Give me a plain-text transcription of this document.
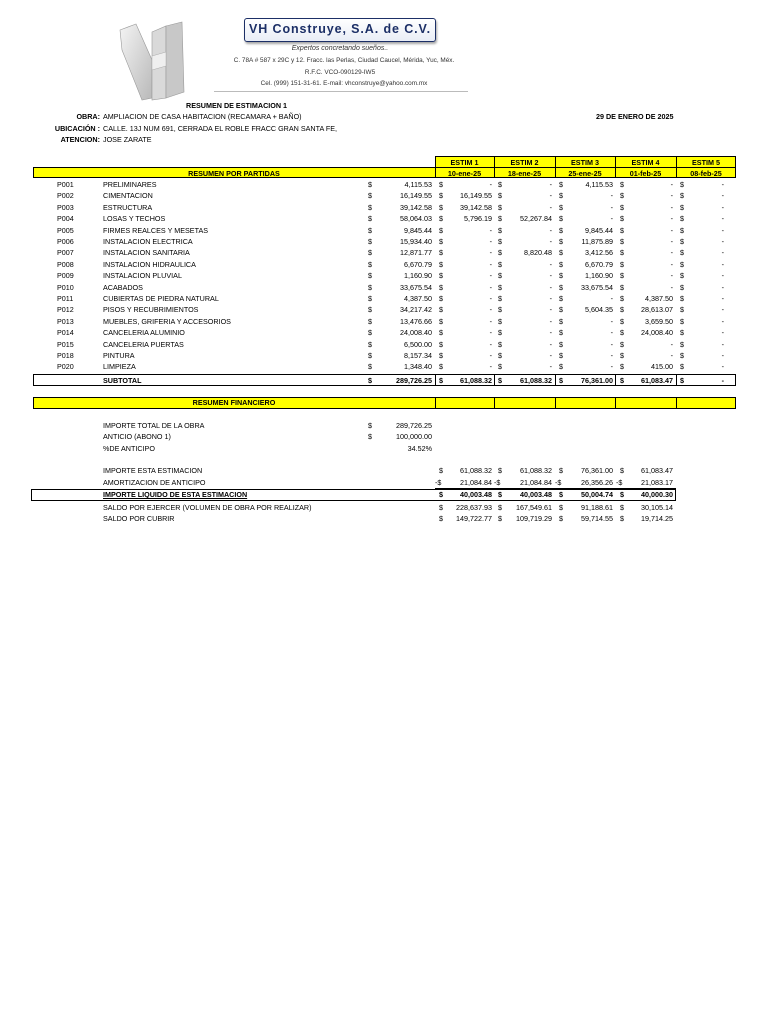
VH Construye, S.A. de C.V.
Expertos concretando sueños..
C. 78A # 587 x 29C y 12. Fracc. las Perlas, Ciudad Caucel, Mérida, Yuc, Méx.
R.F.C. VCO-090129-IW5
Cel. (999) 151-31-61. E-mail: vhconstruye@yahoo.com.mx
RESUMEN DE ESTIMACION 1
OBRA: AMPLIACION DE CASA HABITACION (RECAMARA + BAÑO)	29 DE ENERO DE 2025
UBICACIÓN : CALLE. 13J NUM 691, CERRADA EL ROBLE FRACC GRAN SANTA FE,
ATENCION: JOSE ZARATE
ESTIM 1	ESTIM 2	ESTIM 3	ESTIM 4	ESTIM 5
RESUMEN POR PARTIDAS	10-ene-25	18-ene-25	25-ene-25	01-feb-25	08-feb-25
P001	PRELIMINARES	$	4,115.53 $	- $	- $	4,115.53 $	- $	-
P002	CIMENTACION	$	16,149.55 $ 16,149.55 $	- $	- $	- $	-
P003	ESTRUCTURA	$	39,142.58 $ 39,142.58 $	- $	- $	- $	-
P004	LOSAS Y TECHOS	$	58,064.03 $	5,796.19 $	52,267.84 $	- $	- $	-
P005	FIRMES REALCES Y MESETAS	$	9,845.44 $	- $	- $	9,845.44 $	- $	-
P006	INSTALACION ELECTRICA	$	15,934.40 $	- $	- $	11,875.89 $	- $	-
P007	INSTALACION SANITARIA	$	12,871.77 $	- $	8,820.48 $	3,412.56 $	- $	-
P008	INSTALACION HIDRAULICA	$	6,670.79 $	- $	- $	6,670.79 $	- $	-
P009	INSTALACION PLUVIAL	$	1,160.90 $	- $	- $	1,160.90 $	- $	-
P010	ACABADOS	$	33,675.54 $	- $	- $	33,675.54 $	- $	-
P011	CUBIERTAS DE PIEDRA NATURAL	$	4,387.50 $	- $	- $	- $	4,387.50 $	-
P012	PISOS Y RECUBRIMIENTOS	$	34,217.42 $	- $	- $	5,604.35 $ 28,613.07 $	-
P013	MUEBLES, GRIFERIA Y ACCESORIOS	$	13,476.66 $	- $	- $	- $	3,659.50 $	-
P014	CANCELERIA ALUMINIO	$	24,008.40 $	- $	- $	- $ 24,008.40 $	-
P015	CANCELERIA PUERTAS	$	6,500.00 $	- $	- $	- $	- $	-
P018	PINTURA	$	8,157.34 $	- $	- $	- $	- $	-
P020	LIMPIEZA	$	1,348.40 $	- $	- $	- $	415.00 $	-
SUBTOTAL	$	289,726.25 $ 61,088.32 $	61,088.32 $	76,361.00 $ 61,083.47 $	-
RESUMEN FINANCIERO
IMPORTE TOTAL DE LA OBRA	$	289,726.25
ANTICIO (ABONO 1)	$	100,000.00
%DE ANTICIPO	34.52%
IMPORTE ESTA ESTIMACION	$ 61,088.32 $	61,088.32 $	76,361.00 $ 61,083.47
AMORTIZACION DE ANTICIPO	-$	21,084.84 -$	21,084.84 -$	26,356.26 -$	21,083.17
IMPORTE LIQUIDO DE ESTA ESTIMACION	$ 40,003.48 $	40,003.48 $	50,004.74 $ 40,000.30
SALDO POR EJERCER (VOLUMEN DE OBRA POR REALIZAR)	$ 228,637.93 $ 167,549.61 $	91,188.61 $ 30,105.14
SALDO POR CUBRIR	$ 149,722.77 $ 109,719.29 $	59,714.55 $ 19,714.25
